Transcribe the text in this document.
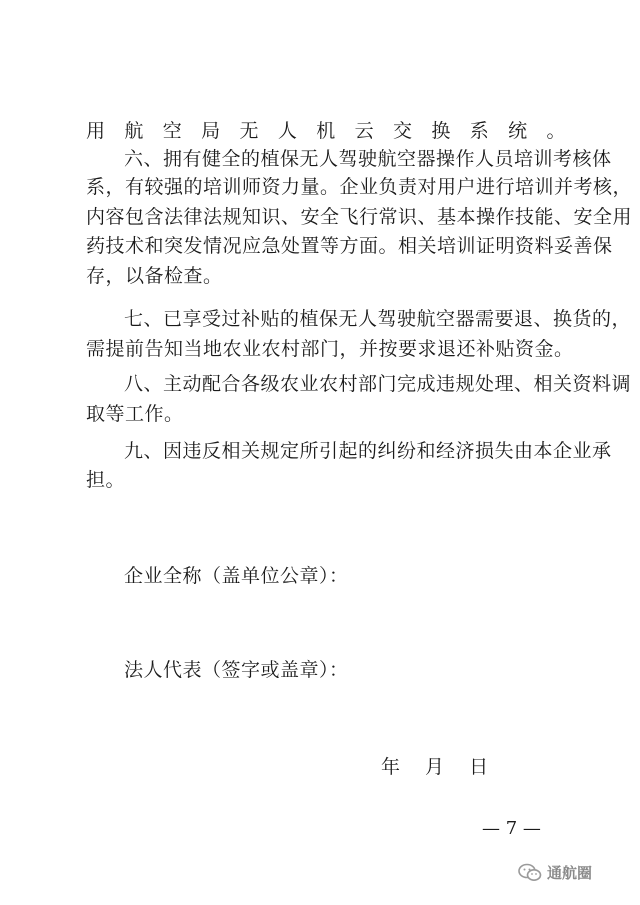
用航空局无人机云交换系统。
六、拥有健全的植保无人驾驶航空器操作人员培训考核体
系，有较强的培训师资力量。企业负责对用户进行培训并考核，
内容包含法律法规知识、安全飞行常识、基本操作技能、安全用
药技术和突发情况应急处置等方面。相关培训证明资料妥善保
存，以备检查。
七、已享受过补贴的植保无人驾驶航空器需要退、换货的，
需提前告知当地农业农村部门，并按要求退还补贴资金。
八、主动配合各级农业农村部门完成违规处理、相关资料调
取等工作。
九、因违反相关规定所引起的纠纷和经济损失由本企业承
担。
企业全称（盖单位公章）：
法人代表（签字或盖章）：
年 月 日
— 7 —
通航圈
